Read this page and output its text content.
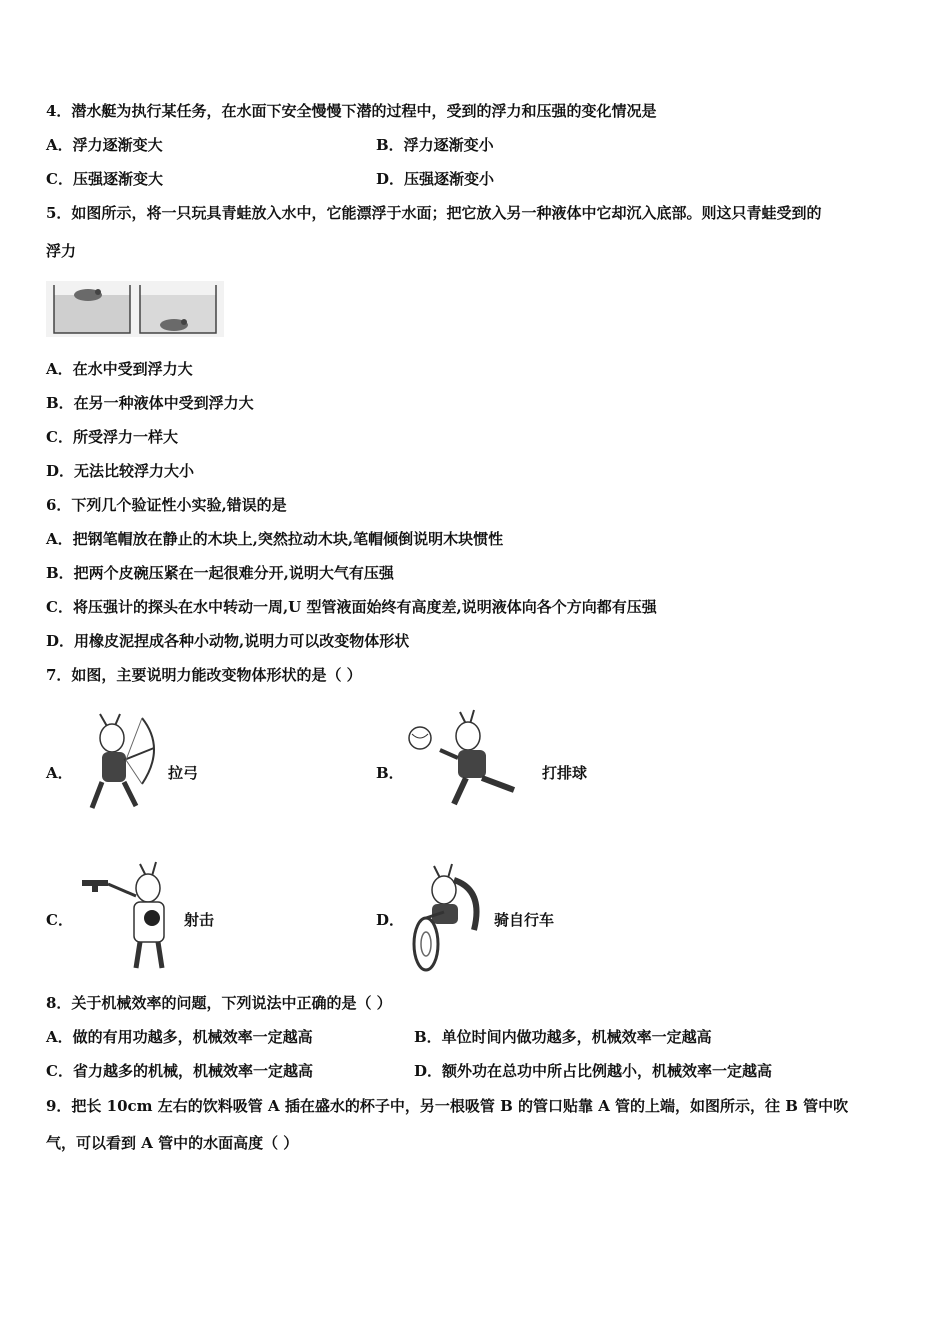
4．潜水艇为执行某任务，在水面下安全慢慢下潜的过程中，受到的浮力和压强的变化情况是
A．浮力逐渐变大	B．浮力逐渐变小
C．压强逐渐变大	D．压强逐渐变小
5．如图所示，将一只玩具青蛙放入水中，它能漂浮于水面；把它放入另一种液体中它却沉入底部。则这只青蛙受到的
浮力
A．在水中受到浮力大
B．在另一种液体中受到浮力大
C．所受浮力一样大
D．无法比较浮力大小
6．下列几个验证性小实验,错误的是
A．把钢笔帽放在静止的木块上,突然拉动木块,笔帽倾倒说明木块惯性
B．把两个皮碗压紧在一起很难分开,说明大气有压强
C．将压强计的探头在水中转动一周,U 型管液面始终有高度差,说明液体向各个方向都有压强
D．用橡皮泥捏成各种小动物,说明力可以改变物体形状
7．如图，主要说明力能改变物体形状的是（ ）
A．	拉弓	B．	打排球
C．	射击	D．	骑自行车
8．关于机械效率的问题，下列说法中正确的是（ ）
A．做的有用功越多，机械效率一定越高	B．单位时间内做功越多，机械效率一定越高
C．省力越多的机械，机械效率一定越高	D．额外功在总功中所占比例越小，机械效率一定越高
9．把长 10cm 左右的饮料吸管 A 插在盛水的杯子中，另一根吸管 B 的管口贴靠 A 管的上端，如图所示，往 B 管中吹
气，可以看到 A 管中的水面高度（ ）
